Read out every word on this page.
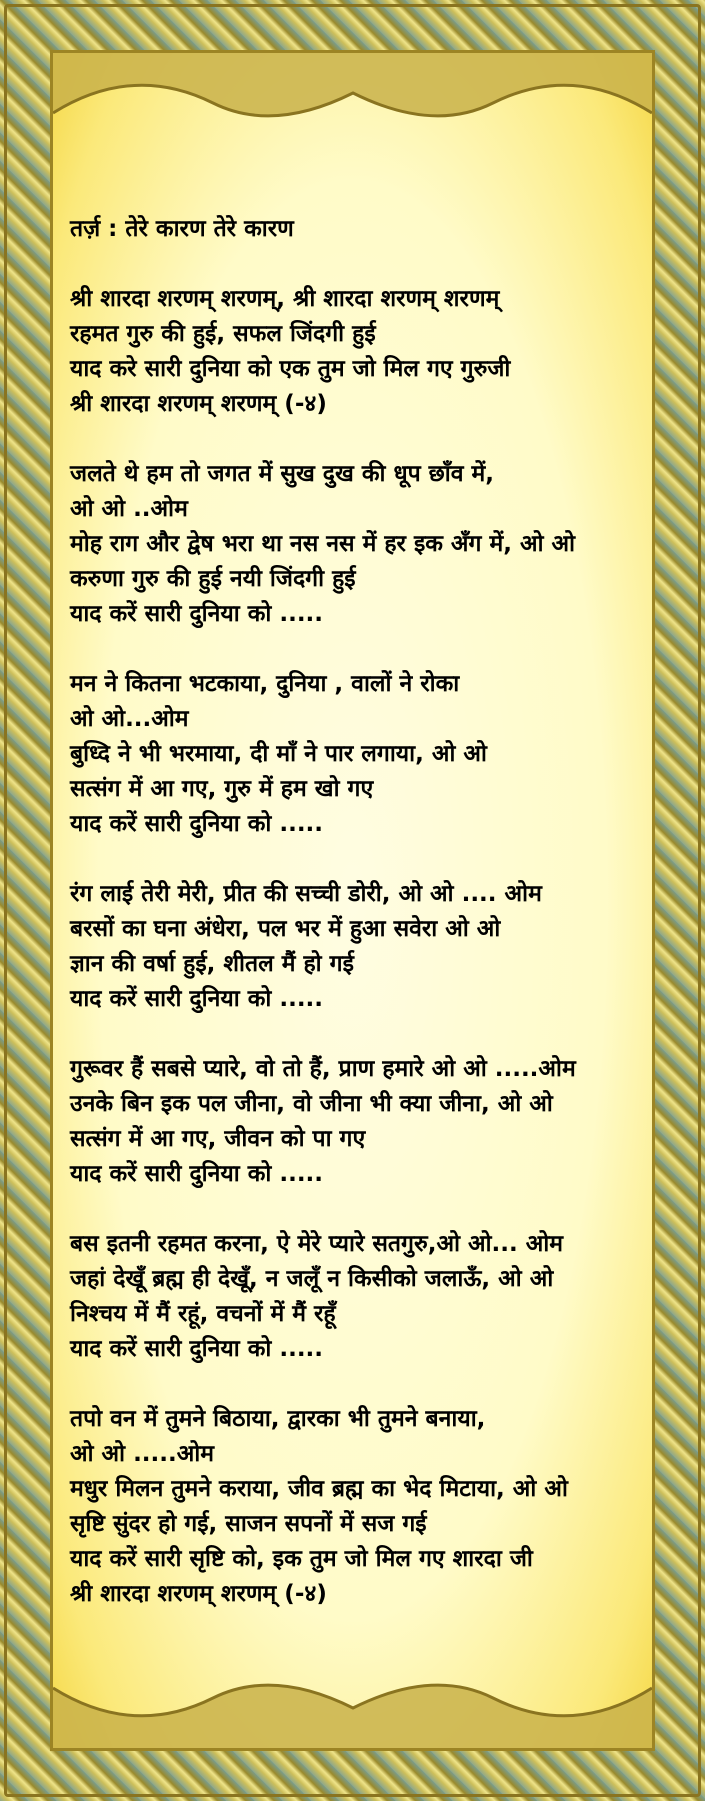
तर्ज़ : तेरे कारण तेरे कारण

श्री शारदा शरणम् शरणम्, श्री शारदा शरणम् शरणम्

रहमत गुरु की हुई, सफल जिंदगी हुई

याद करे सारी दुनिया को एक तुम जो मिल गए गुरुजी

श्री शारदा शरणम् शरणम् (-४)

जलते थे हम तो जगत में सुख दुख की धूप छाँव में,

ओ ओ ..ओम

मोह राग और द्वेष भरा था नस नस में हर इक अँग में, ओ ओ

करुणा गुरु की हुई नयी जिंदगी हुई

याद करें सारी दुनिया को .....

मन ने कितना भटकाया, दुनिया , वालों ने रोका

ओ ओ...ओम

बुध्दि ने भी भरमाया, दी माँ ने पार लगाया, ओ ओ

सत्संग में आ गए, गुरु में हम खो गए

याद करें सारी दुनिया को .....

रंग लाई तेरी मेरी, प्रीत की सच्ची डोरी, ओ ओ .... ओम

बरसों का घना अंधेरा, पल भर में हुआ सवेरा ओ ओ

ज्ञान की वर्षा हुई, शीतल मैं हो गई

याद करें सारी दुनिया को .....

गुरूवर हैं सबसे प्यारे, वो तो हैं, प्राण हमारे ओ ओ .....ओम

उनके बिन इक पल जीना, वो जीना भी क्या जीना, ओ ओ

सत्संग में आ गए, जीवन को पा गए

याद करें सारी दुनिया को .....

बस इतनी रहमत करना, ऐ मेरे प्यारे सतगुरु,ओ ओ... ओम

जहां देखूँ ब्रह्म ही देखूँ, न जलूँ न किसीको जलाऊँ, ओ ओ

निश्चय में मैं रहूं, वचनों में मैं रहूँ

याद करें सारी दुनिया को .....

तपो वन में तुमने बिठाया, द्वारका भी तुमने बनाया,

ओ ओ .....ओम

मधुर मिलन तुमने कराया, जीव ब्रह्म का भेद मिटाया, ओ ओ

सृष्टि सुंदर हो गई, साजन सपनों में सज गई

याद करें सारी सृष्टि को, इक तुम जो मिल गए शारदा जी

श्री शारदा शरणम् शरणम् (-४)
